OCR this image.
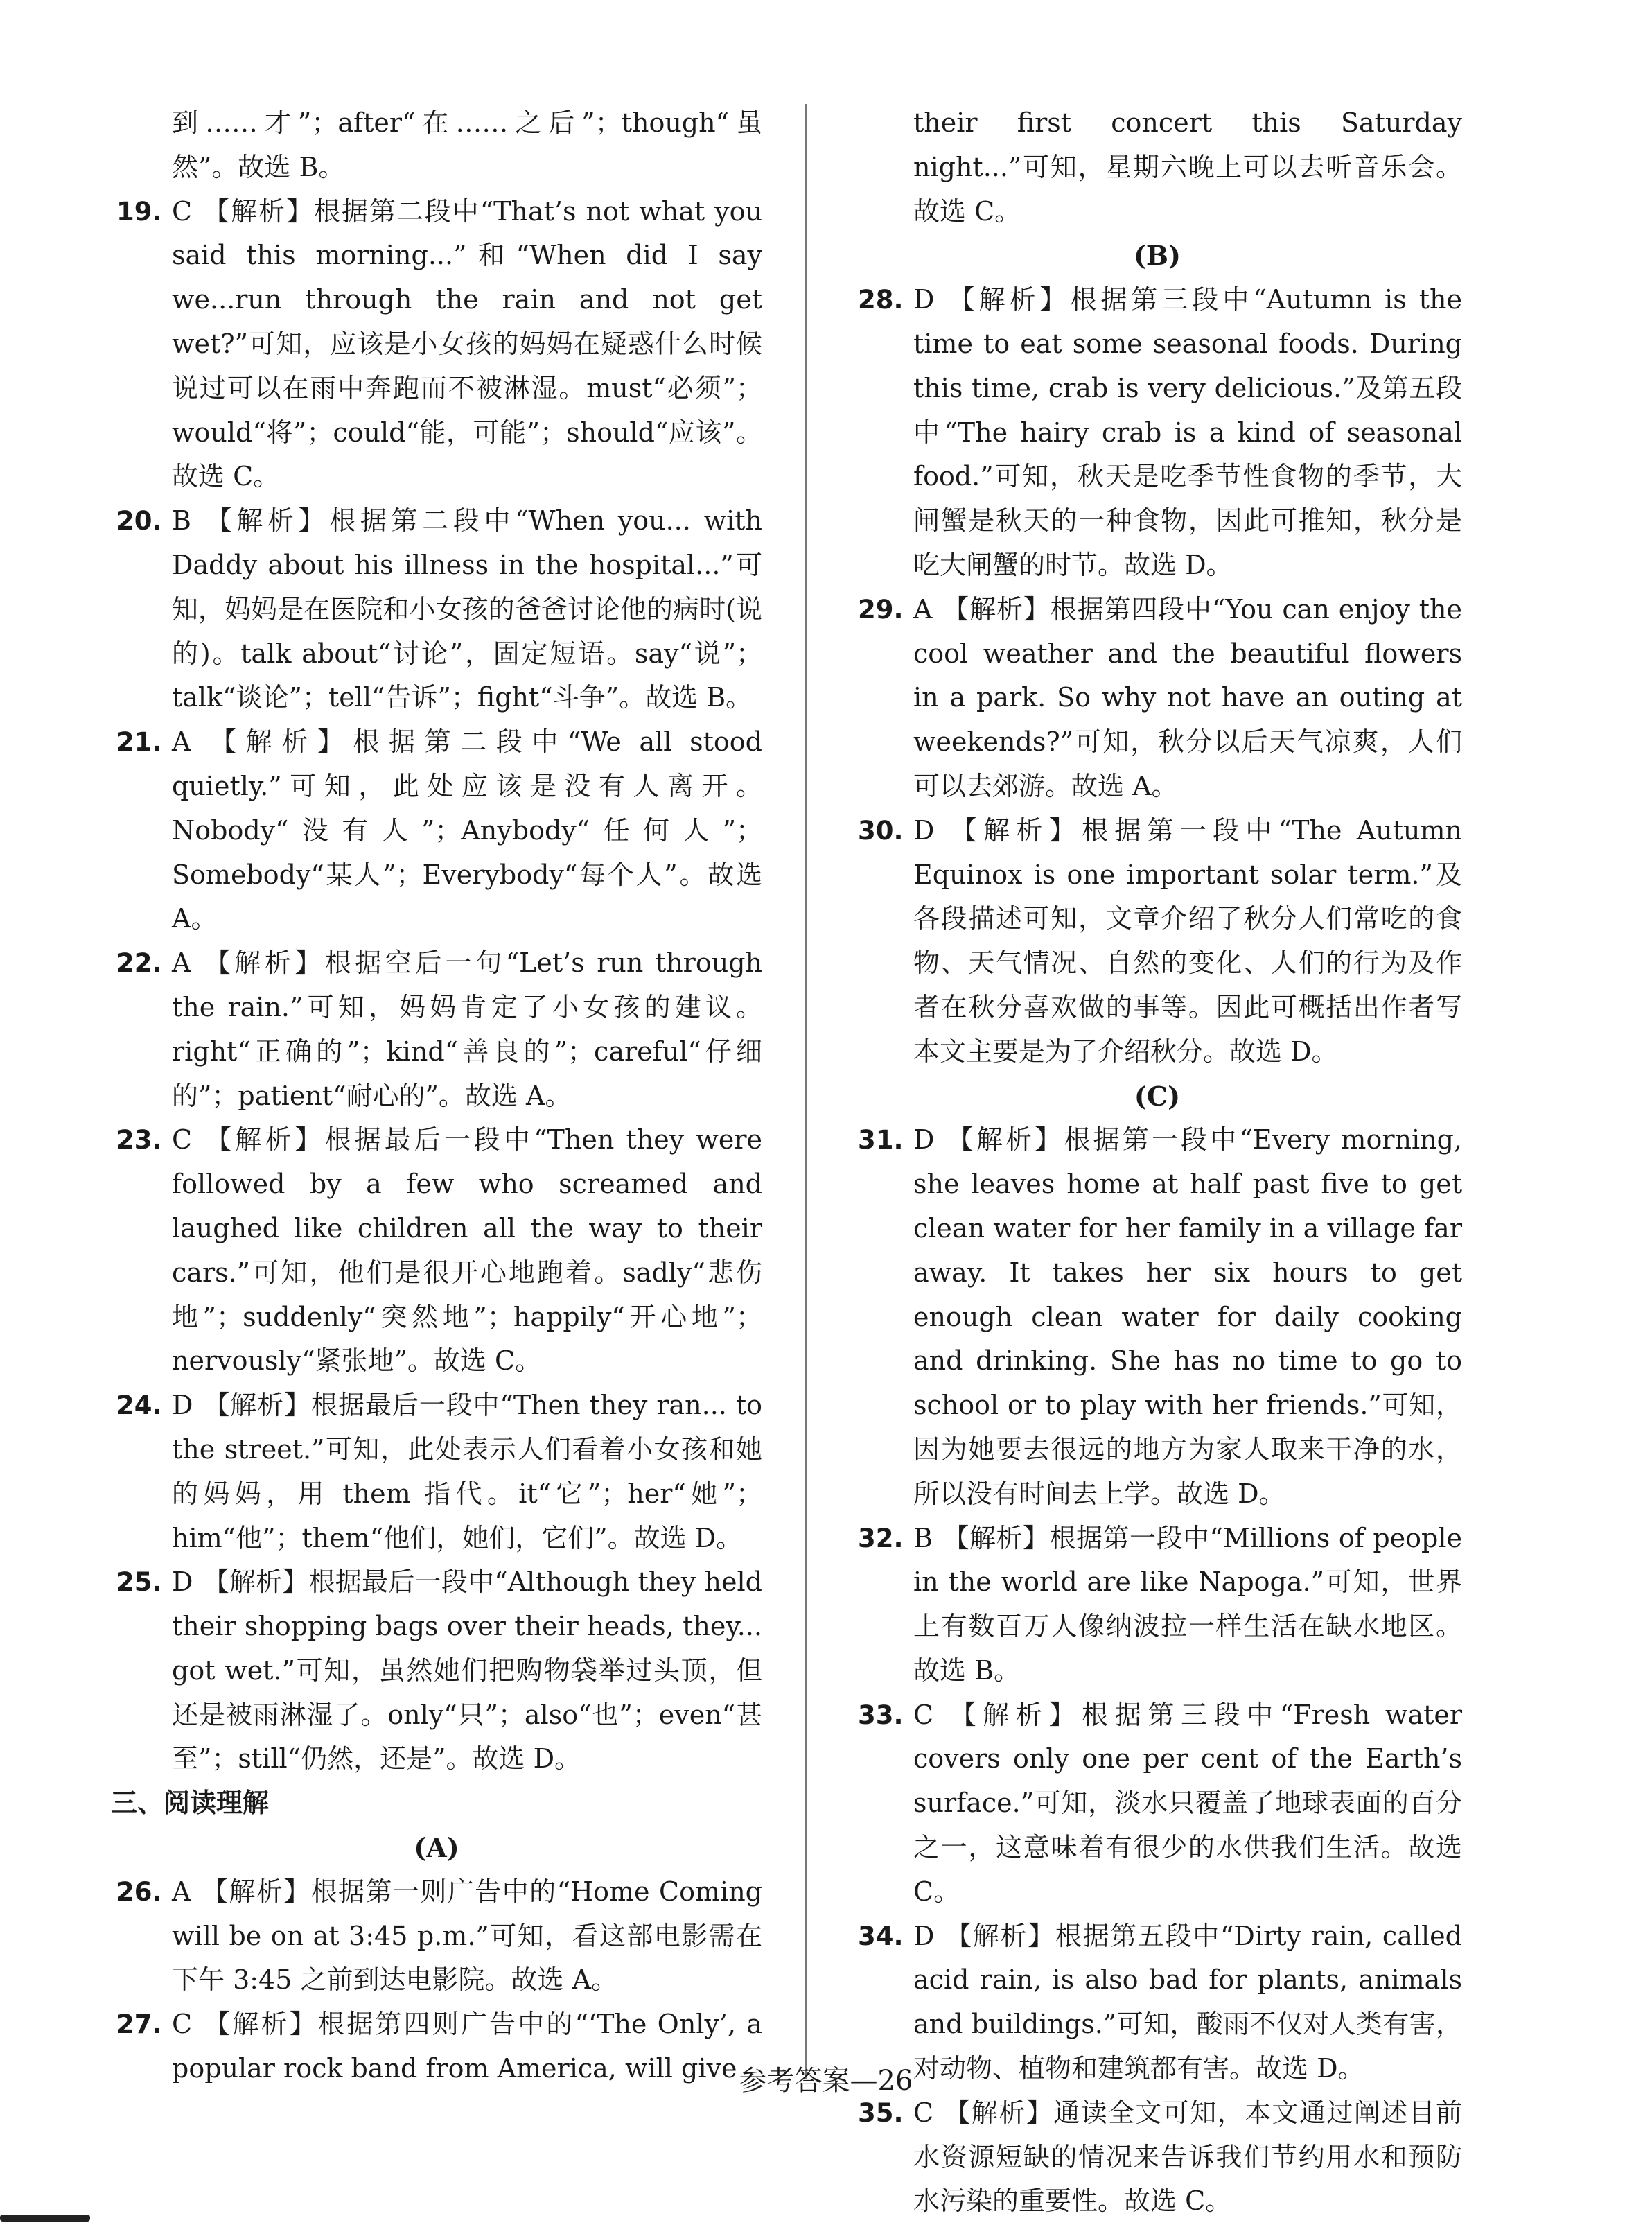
到……才”；after“在……之后”；though“虽然”。故选 B。

19. C 【解析】根据第二段中“That’s not what you said this morning...”和“When did I say we...run through the rain and not get wet?”可知，应该是小女孩的妈妈在疑惑什么时候说过可以在雨中奔跑而不被淋湿。must“必须”；would“将”；could“能，可能”；should“应该”。故选 C。

20. B 【解析】根据第二段中“When you... with Daddy about his illness in the hospital...”可知，妈妈是在医院和小女孩的爸爸讨论他的病时(说的)。talk about“讨论”，固定短语。say“说”；talk“谈论”；tell“告诉”；fight“斗争”。故选 B。

21. A 【解析】根据第二段中“We all stood quietly.”可知，此处应该是没有人离开。Nobody“没有人”；Anybody“任何人”；Somebody“某人”；Everybody“每个人”。故选 A。

22. A 【解析】根据空后一句“Let’s run through the rain.”可知，妈妈肯定了小女孩的建议。right“正确的”；kind“善良的”；careful“仔细的”；patient“耐心的”。故选 A。

23. C 【解析】根据最后一段中“Then they were followed by a few who screamed and laughed like children all the way to their cars.”可知，他们是很开心地跑着。sadly“悲伤地”；suddenly“突然地”；happily“开心地”；nervously“紧张地”。故选 C。

24. D 【解析】根据最后一段中“Then they ran... to the street.”可知，此处表示人们看着小女孩和她的妈妈，用 them 指代。it“它”；her“她”；him“他”；them“他们，她们，它们”。故选 D。

25. D 【解析】根据最后一段中“Although they held their shopping bags over their heads, they... got wet.”可知，虽然她们把购物袋举过头顶，但还是被雨淋湿了。only“只”；also“也”；even“甚至”；still“仍然，还是”。故选 D。

三、阅读理解

(A)

26. A 【解析】根据第一则广告中的“Home Coming will be on at 3:45 p.m.”可知，看这部电影需在下午 3:45 之前到达电影院。故选 A。

27. C 【解析】根据第四则广告中的“‘The Only’, a popular rock band from America, will give

their first concert this Saturday night...”可知，星期六晚上可以去听音乐会。故选 C。

(B)

28. D 【解析】根据第三段中“Autumn is the time to eat some seasonal foods. During this time, crab is very delicious.”及第五段中“The hairy crab is a kind of seasonal food.”可知，秋天是吃季节性食物的季节，大闸蟹是秋天的一种食物，因此可推知，秋分是吃大闸蟹的时节。故选 D。

29. A 【解析】根据第四段中“You can enjoy the cool weather and the beautiful flowers in a park. So why not have an outing at weekends?”可知，秋分以后天气凉爽，人们可以去郊游。故选 A。

30. D 【解析】根据第一段中“The Autumn Equinox is one important solar term.”及各段描述可知，文章介绍了秋分人们常吃的食物、天气情况、自然的变化、人们的行为及作者在秋分喜欢做的事等。因此可概括出作者写本文主要是为了介绍秋分。故选 D。

(C)

31. D 【解析】根据第一段中“Every morning, she leaves home at half past five to get clean water for her family in a village far away. It takes her six hours to get enough clean water for daily cooking and drinking. She has no time to go to school or to play with her friends.”可知，因为她要去很远的地方为家人取来干净的水，所以没有时间去上学。故选 D。

32. B 【解析】根据第一段中“Millions of people in the world are like Napoga.”可知，世界上有数百万人像纳波拉一样生活在缺水地区。故选 B。

33. C 【解析】根据第三段中“Fresh water covers only one per cent of the Earth’s surface.”可知，淡水只覆盖了地球表面的百分之一，这意味着有很少的水供我们生活。故选 C。

34. D 【解析】根据第五段中“Dirty rain, called acid rain, is also bad for plants, animals and buildings.”可知，酸雨不仅对人类有害，对动物、植物和建筑都有害。故选 D。

35. C 【解析】通读全文可知，本文通过阐述目前水资源短缺的情况来告诉我们节约用水和预防水污染的重要性。故选 C。

参考答案—26
